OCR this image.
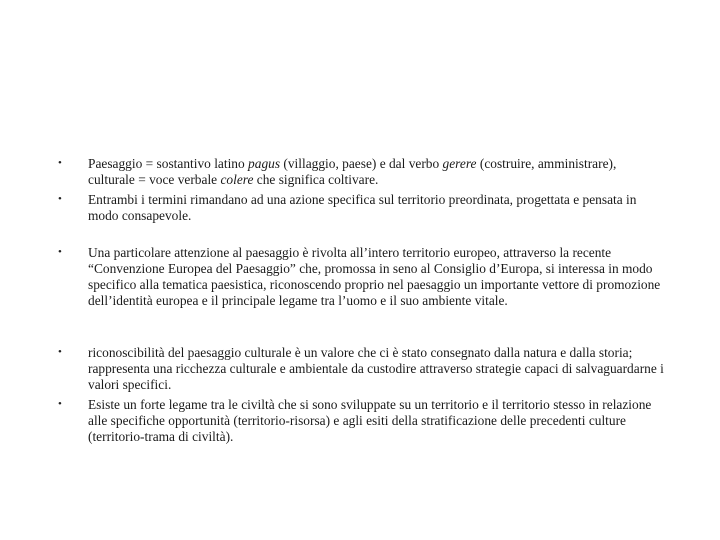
•	Paesaggio = sostantivo latino pagus (villaggio, paese) e dal verbo gerere (costruire, amministrare), culturale = voce verbale colere che significa coltivare.
•	Entrambi i termini rimandano ad una azione specifica sul territorio preordinata, progettata e pensata in modo consapevole.
•	Una particolare attenzione al paesaggio è rivolta all’intero territorio europeo, attraverso la recente “Convenzione Europea del Paesaggio” che, promossa in seno al Consiglio d’Europa, si interessa in modo specifico alla tematica paesistica, riconoscendo proprio nel paesaggio un importante vettore di promozione dell’identità europea e il principale legame tra l’uomo e il suo ambiente vitale.
•	riconoscibilità del paesaggio culturale è un valore che ci è stato consegnato dalla natura e dalla storia; rappresenta una ricchezza culturale e ambientale da custodire attraverso strategie capaci di salvaguardarne i valori specifici.
•	Esiste un forte legame tra le civiltà che si sono sviluppate su un territorio e il territorio stesso in relazione alle specifiche opportunità (territorio-risorsa) e agli esiti della stratificazione delle precedenti culture (territorio-trama di civiltà).
